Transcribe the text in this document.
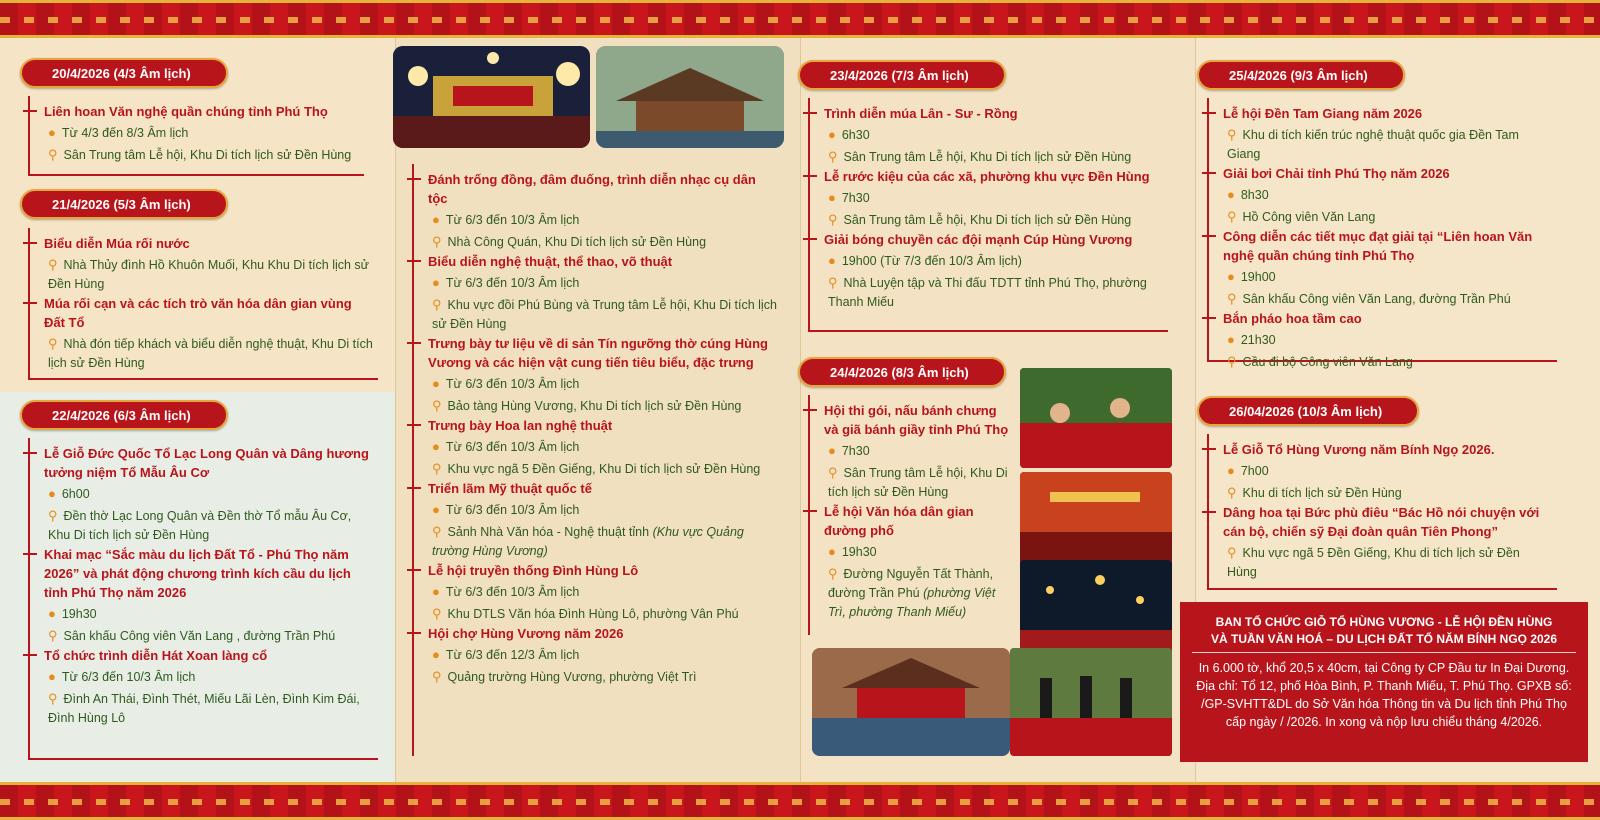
20/4/2026 (4/3 Âm lịch)
Liên hoan Văn nghệ quần chúng tỉnh Phú Thọ
● Từ 4/3 đến 8/3 Âm lịch
⚲ Sân Trung tâm Lễ hội, Khu Di tích lịch sử Đền Hùng
21/4/2026 (5/3 Âm lịch)
Biểu diễn Múa rối nước
⚲ Nhà Thủy đình Hồ Khuôn Muối, Khu Khu Di tích lịch sử Đền Hùng
Múa rối cạn và các tích trò văn hóa dân gian vùng Đất Tổ
⚲ Nhà đón tiếp khách và biểu diễn nghệ thuật, Khu Di tích lịch sử Đền Hùng
22/4/2026 (6/3 Âm lịch)
Lễ Giỗ Đức Quốc Tổ Lạc Long Quân và Dâng hương tưởng niệm Tổ Mẫu Âu Cơ
● 6h00
⚲ Đền thờ Lạc Long Quân và Đền thờ Tổ mẫu Âu Cơ, Khu Di tích lịch sử Đền Hùng
Khai mạc “Sắc màu du lịch Đất Tổ - Phú Thọ năm 2026” và phát động chương trình kích cầu du lịch tỉnh Phú Thọ năm 2026
● 19h30
⚲ Sân khấu Công viên Văn Lang , đường Trần Phú
Tổ chức trình diễn Hát Xoan làng cổ
● Từ 6/3 đến 10/3 Âm lịch
⚲ Đình An Thái, Đình Thét, Miếu Lãi Lèn, Đình Kim Đái, Đình Hùng Lô
Đánh trống đồng, đâm đuống, trình diễn nhạc cụ dân tộc
● Từ 6/3 đến 10/3 Âm lịch
⚲ Nhà Công Quán, Khu Di tích lịch sử Đền Hùng
Biểu diễn nghệ thuật, thể thao, võ thuật
● Từ 6/3 đến 10/3 Âm lịch
⚲ Khu vực đồi Phú Bùng và Trung tâm Lễ hội, Khu Di tích lịch sử Đền Hùng
Trưng bày tư liệu về di sản Tín ngưỡng thờ cúng Hùng Vương và các hiện vật cung tiến tiêu biểu, đặc trưng
● Từ 6/3 đến 10/3 Âm lịch
⚲ Bảo tàng Hùng Vương, Khu Di tích lịch sử Đền Hùng
Trưng bày Hoa lan nghệ thuật
● Từ 6/3 đến 10/3 Âm lịch
⚲ Khu vực ngã 5 Đền Giếng, Khu Di tích lịch sử Đền Hùng
Triển lãm Mỹ thuật quốc tế
● Từ 6/3 đến 10/3 Âm lịch
⚲ Sảnh Nhà Văn hóa - Nghệ thuật tỉnh (Khu vực Quảng trường Hùng Vương)
Lễ hội truyền thống Đình Hùng Lô
● Từ 6/3 đến 10/3 Âm lịch
⚲ Khu DTLS Văn hóa Đình Hùng Lô, phường Vân Phú
Hội chợ Hùng Vương năm 2026
● Từ 6/3 đến 12/3 Âm lịch
⚲ Quảng trường Hùng Vương, phường Việt Trì
23/4/2026 (7/3 Âm lịch)
Trình diễn múa Lân - Sư - Rồng
● 6h30
⚲ Sân Trung tâm Lễ hội, Khu Di tích lịch sử Đền Hùng
Lễ rước kiệu của các xã, phường khu vực Đền Hùng
● 7h30
⚲ Sân Trung tâm Lễ hội, Khu Di tích lịch sử Đền Hùng
Giải bóng chuyền các đội mạnh Cúp Hùng Vương
● 19h00 (Từ 7/3 đến 10/3 Âm lịch)
⚲ Nhà Luyện tập và Thi đấu TDTT tỉnh Phú Thọ, phường Thanh Miếu
24/4/2026 (8/3 Âm lịch)
Hội thi gói, nấu bánh chưng và giã bánh giầy tỉnh Phú Thọ
● 7h30
⚲ Sân Trung tâm Lễ hội, Khu Di tích lịch sử Đền Hùng
Lễ hội Văn hóa dân gian đường phố
● 19h30
⚲ Đường Nguyễn Tất Thành, đường Trần Phú (phường Việt Trì, phường Thanh Miếu)
25/4/2026 (9/3 Âm lịch)
Lễ hội Đền Tam Giang năm 2026
⚲ Khu di tích kiến trúc nghệ thuật quốc gia Đền Tam Giang
Giải bơi Chải tỉnh Phú Thọ năm 2026
● 8h30
⚲ Hồ Công viên Văn Lang
Công diễn các tiết mục đạt giải tại “Liên hoan Văn nghệ quần chúng tỉnh Phú Thọ
● 19h00
⚲ Sân khấu Công viên Văn Lang, đường Trần Phú
Bắn pháo hoa tầm cao
● 21h30
⚲ Cầu đi bộ Công viên Văn Lang
26/04/2026 (10/3 Âm lịch)
Lễ Giỗ Tổ Hùng Vương năm Bính Ngọ 2026.
● 7h00
⚲ Khu di tích lịch sử Đền Hùng
Dâng hoa tại Bức phù điêu “Bác Hồ nói chuyện với cán bộ, chiến sỹ Đại đoàn quân Tiên Phong”
⚲ Khu vực ngã 5 Đền Giếng, Khu di tích lịch sử Đền Hùng
BAN TỔ CHỨC GIỖ TỔ HÙNG VƯƠNG - LỄ HỘI ĐỀN HÙNG
VÀ TUẦN VĂN HOÁ – DU LỊCH ĐẤT TỔ NĂM BÍNH NGỌ 2026
In 6.000 tờ, khổ 20,5 x 40cm, tại Công ty CP Đầu tư In Đại Dương. Địa chỉ: Tổ 12, phố Hòa Bình, P. Thanh Miếu, T. Phú Thọ. GPXB số: /GP-SVHTT&DL do Sở Văn hóa Thông tin và Du lịch tỉnh Phú Thọ cấp ngày / /2026. In xong và nộp lưu chiểu tháng 4/2026.
